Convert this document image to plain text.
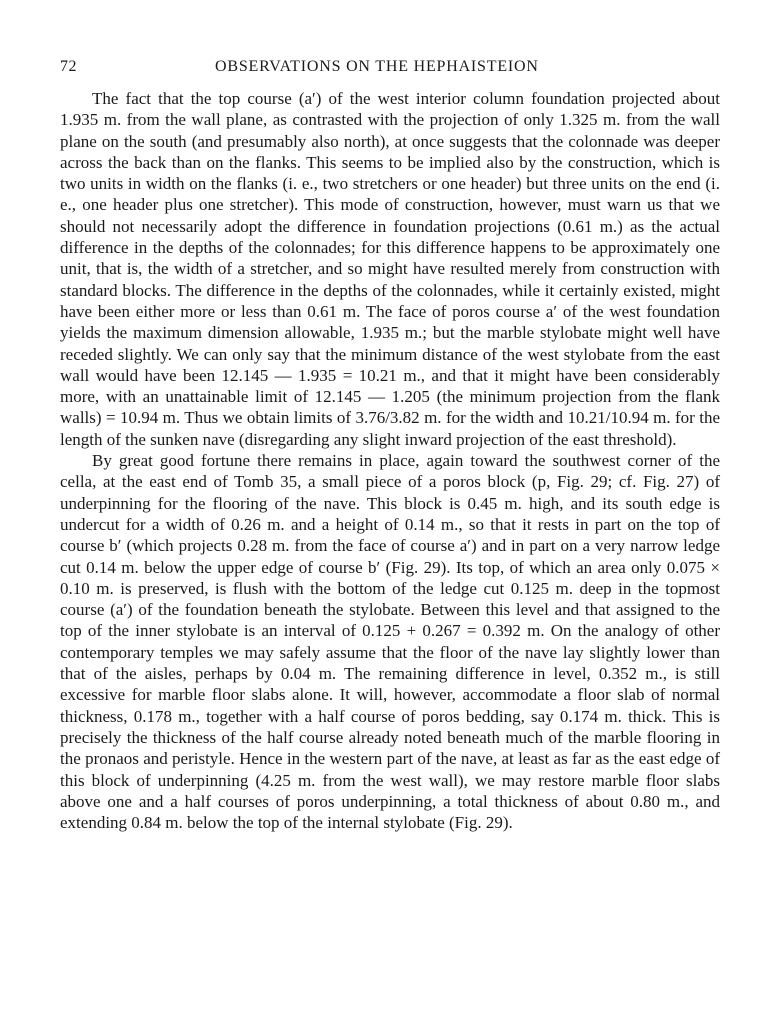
72	OBSERVATIONS ON THE HEPHAISTEION

The fact that the top course (a′) of the west interior column foundation projected about 1.935 m. from the wall plane, as contrasted with the projection of only 1.325 m. from the wall plane on the south (and presumably also north), at once suggests that the colonnade was deeper across the back than on the flanks. This seems to be implied also by the construction, which is two units in width on the flanks (i. e., two stretchers or one header) but three units on the end (i. e., one header plus one stretcher). This mode of construction, however, must warn us that we should not necessarily adopt the difference in foundation projections (0.61 m.) as the actual difference in the depths of the colonnades; for this difference happens to be approximately one unit, that is, the width of a stretcher, and so might have resulted merely from construction with standard blocks. The difference in the depths of the colonnades, while it certainly existed, might have been either more or less than 0.61 m. The face of poros course a′ of the west foundation yields the maximum dimension allowable, 1.935 m.; but the marble stylobate might well have receded slightly. We can only say that the minimum distance of the west stylobate from the east wall would have been 12.145 — 1.935 = 10.21 m., and that it might have been considerably more, with an unattainable limit of 12.145 — 1.205 (the minimum projection from the flank walls) = 10.94 m. Thus we obtain limits of 3.76/3.82 m. for the width and 10.21/10.94 m. for the length of the sunken nave (disregarding any slight inward projection of the east threshold).

By great good fortune there remains in place, again toward the southwest corner of the cella, at the east end of Tomb 35, a small piece of a poros block (p, Fig. 29; cf. Fig. 27) of underpinning for the flooring of the nave. This block is 0.45 m. high, and its south edge is undercut for a width of 0.26 m. and a height of 0.14 m., so that it rests in part on the top of course b′ (which projects 0.28 m. from the face of course a′) and in part on a very narrow ledge cut 0.14 m. below the upper edge of course b′ (Fig. 29). Its top, of which an area only 0.075 × 0.10 m. is preserved, is flush with the bottom of the ledge cut 0.125 m. deep in the topmost course (a′) of the foundation beneath the stylobate. Between this level and that assigned to the top of the inner stylobate is an interval of 0.125 + 0.267 = 0.392 m. On the analogy of other contemporary temples we may safely assume that the floor of the nave lay slightly lower than that of the aisles, perhaps by 0.04 m. The remaining difference in level, 0.352 m., is still excessive for marble floor slabs alone. It will, however, accommodate a floor slab of normal thickness, 0.178 m., together with a half course of poros bedding, say 0.174 m. thick. This is precisely the thickness of the half course already noted beneath much of the marble flooring in the pronaos and peristyle. Hence in the western part of the nave, at least as far as the east edge of this block of underpinning (4.25 m. from the west wall), we may restore marble floor slabs above one and a half courses of poros underpinning, a total thickness of about 0.80 m., and extending 0.84 m. below the top of the internal stylobate (Fig. 29).
